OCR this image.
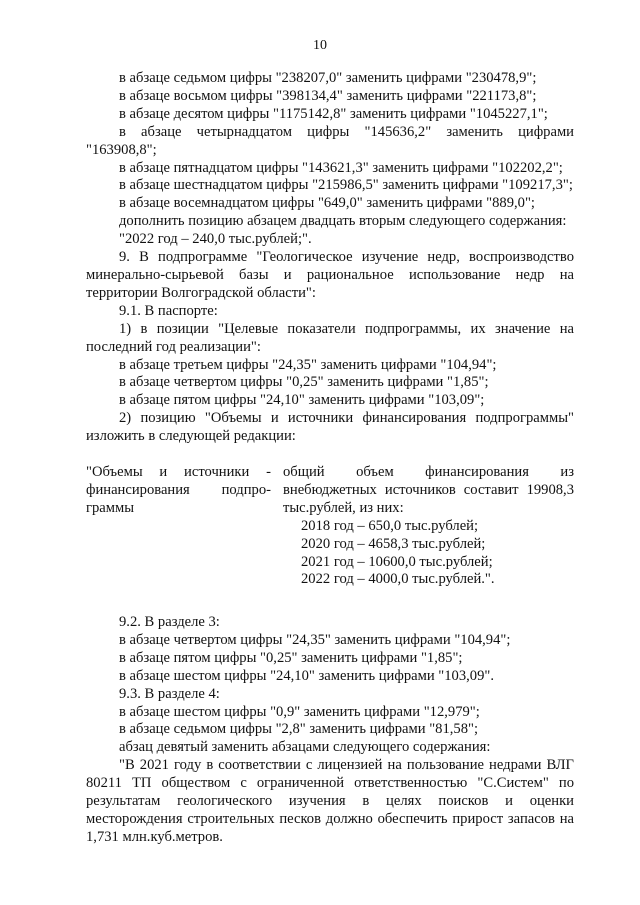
10

в абзаце седьмом цифры "238207,0" заменить цифрами "230478,9";

в абзаце восьмом цифры "398134,4" заменить цифрами "221173,8";

в абзаце десятом цифры "1175142,8" заменить цифрами "1045227,1";

в абзаце четырнадцатом цифры "145636,2" заменить цифрами "163908,8";

в абзаце пятнадцатом цифры "143621,3" заменить цифрами "102202,2";

в абзаце шестнадцатом цифры "215986,5" заменить цифрами "109217,3";

в абзаце восемнадцатом цифры "649,0" заменить цифрами "889,0";

дополнить позицию абзацем двадцать вторым следующего содержания:

"2022 год – 240,0 тыс.рублей;".

9. В подпрограмме "Геологическое изучение недр, воспроизводство минерально-сырьевой базы и рациональное использование недр на территории Волгоградской области":

9.1. В паспорте:

1) в позиции "Целевые показатели подпрограммы, их значение на последний год реализации":

в абзаце третьем цифры "24,35" заменить цифрами "104,94";

в абзаце четвертом цифры "0,25" заменить цифрами "1,85";

в абзаце пятом цифры "24,10" заменить цифрами "103,09";

2) позицию "Объемы и источники финансирования подпрограммы" изложить в следующей редакции:

"Объемы и источники -
финансирования подпро-
граммы

общий объем финансирования из внебюджетных источников составит 19908,3 тыс.рублей, из них:

2018 год – 650,0 тыс.рублей;
2020 год – 4658,3 тыс.рублей;
2021 год – 10600,0 тыс.рублей;
2022 год – 4000,0 тыс.рублей.".

9.2. В разделе 3:

в абзаце четвертом цифры "24,35" заменить цифрами "104,94";

в абзаце пятом цифры "0,25" заменить цифрами "1,85";

в абзаце шестом цифры "24,10" заменить цифрами "103,09".

9.3. В разделе 4:

в абзаце шестом цифры "0,9" заменить цифрами "12,979";

в абзаце седьмом цифры "2,8" заменить цифрами "81,58";

абзац девятый заменить абзацами следующего содержания:

"В 2021 году в соответствии с лицензией на пользование недрами ВЛГ 80211 ТП обществом с ограниченной ответственностью "С.Систем" по результатам геологического изучения в целях поисков и оценки месторождения строительных песков должно обеспечить прирост запасов на 1,731 млн.куб.метров.
